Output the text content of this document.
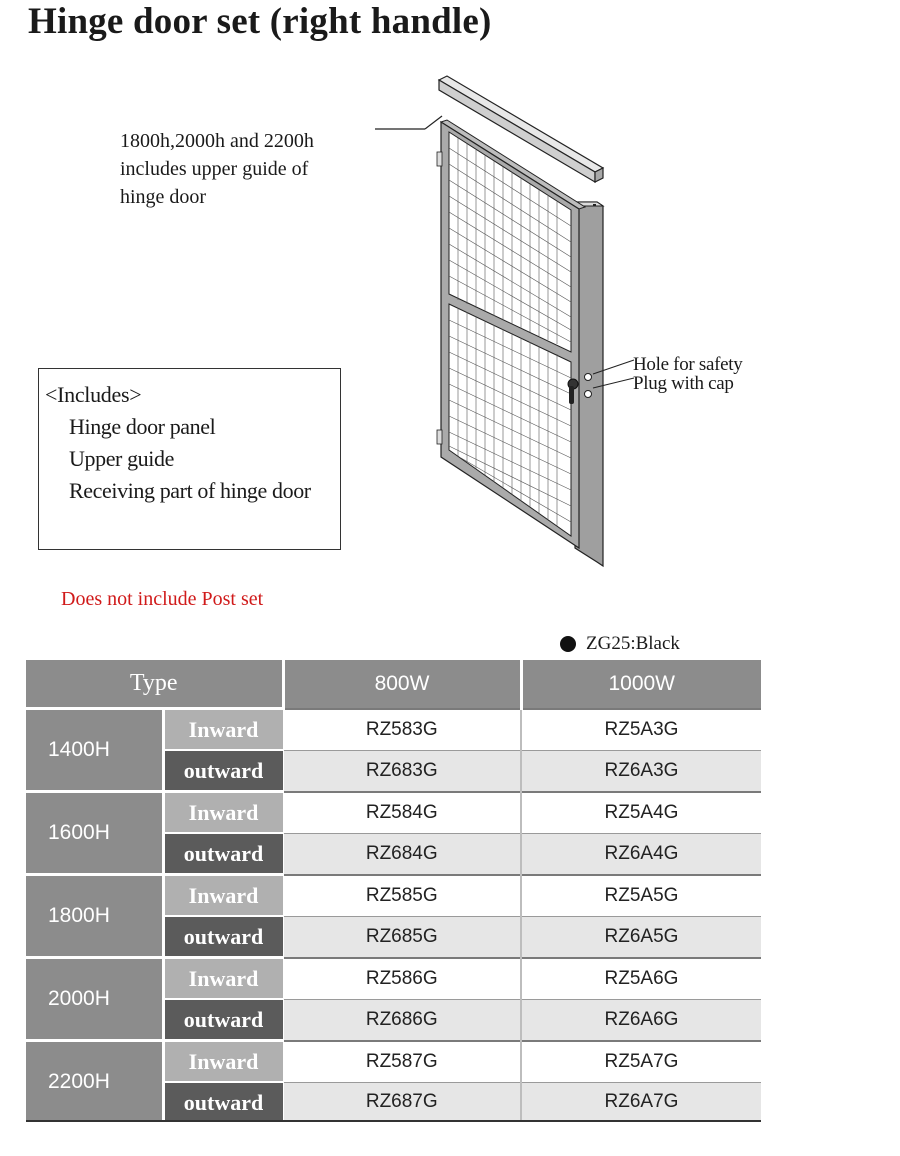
Hinge door set (right handle)
1800h,2000h and 2200h
includes upper guide of
hinge door
Hole for safety
Plug with cap
<Includes>
Hinge door panel
Upper guide
Receiving part of hinge door
Does not include Post set
ZG25:Black
Type		800W	1000W
1400H	Inward	RZ583G	RZ5A3G
	outward	RZ683G	RZ6A3G
1600H	Inward	RZ584G	RZ5A4G
	outward	RZ684G	RZ6A4G
1800H	Inward	RZ585G	RZ5A5G
	outward	RZ685G	RZ6A5G
2000H	Inward	RZ586G	RZ5A6G
	outward	RZ686G	RZ6A6G
2200H	Inward	RZ587G	RZ5A7G
	outward	RZ687G	RZ6A7G
